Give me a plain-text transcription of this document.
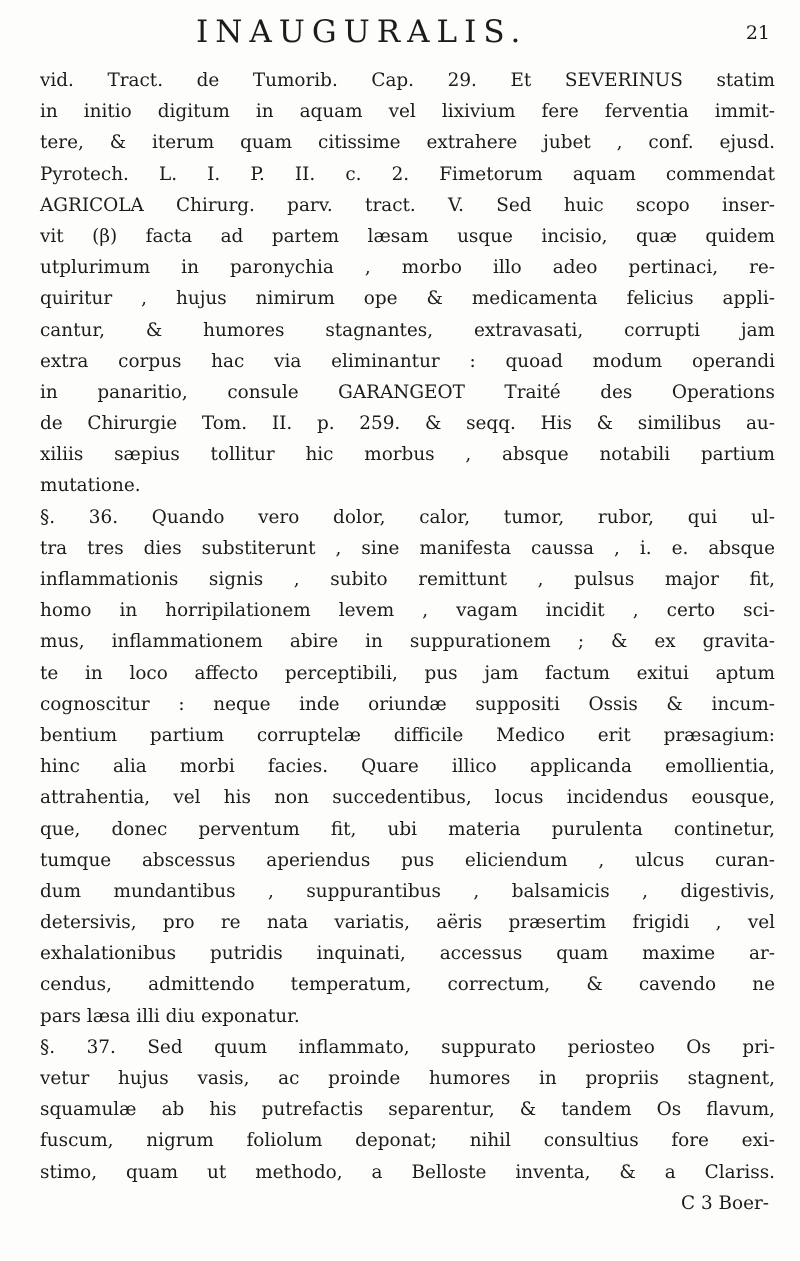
INAUGURALIS.	21
vid. Tract. de Tumorib. Cap. 29. Et SEVERINUS statim
in initio digitum in aquam vel lixivium fere ferventia immit-
tere, & iterum quam citissime extrahere jubet , conf. ejusd.
Pyrotech. L. I. P. II. c. 2. Fimetorum aquam commendat
AGRICOLA Chirurg. parv. tract. V. Sed huic scopo inser-
vit (β) facta ad partem læsam usque incisio, quæ quidem
utplurimum in paronychia , morbo illo adeo pertinaci, re-
quiritur , hujus nimirum ope & medicamenta felicius appli-
cantur, & humores stagnantes, extravasati, corrupti jam
extra corpus hac via eliminantur : quoad modum operandi
in panaritio, consule GARANGEOT Traité des Operations
de Chirurgie Tom. II. p. 259. & seqq. His & similibus au-
xiliis sæpius tollitur hic morbus , absque notabili partium
mutatione.
§. 36. Quando vero dolor, calor, tumor, rubor, qui ul-
tra tres dies substiterunt , sine manifesta caussa , i. e. absque
inflammationis signis , subito remittunt , pulsus major fit,
homo in horripilationem levem , vagam incidit , certo sci-
mus, inflammationem abire in suppurationem ; & ex gravita-
te in loco affecto perceptibili, pus jam factum exitui aptum
cognoscitur : neque inde oriundæ suppositi Ossis & incum-
bentium partium corruptelæ difficile Medico erit præsagium:
hinc alia morbi facies. Quare illico applicanda emollientia,
attrahentia, vel his non succedentibus, locus incidendus eousque,
que, donec perventum fit, ubi materia purulenta continetur,
tumque abscessus aperiendus pus eliciendum , ulcus curan-
dum mundantibus , suppurantibus , balsamicis , digestivis,
detersivis, pro re nata variatis, aëris præsertim frigidi , vel
exhalationibus putridis inquinati, accessus quam maxime ar-
cendus, admittendo temperatum, correctum, & cavendo ne
pars læsa illi diu exponatur.
§. 37. Sed quum inflammato, suppurato periosteo Os pri-
vetur hujus vasis, ac proinde humores in propriis stagnent,
squamulæ ab his putrefactis separentur, & tandem Os flavum,
fuscum, nigrum foliolum deponat; nihil consultius fore exi-
stimo, quam ut methodo, a Belloste inventa, & a Clariss.
C 3 Boer-
